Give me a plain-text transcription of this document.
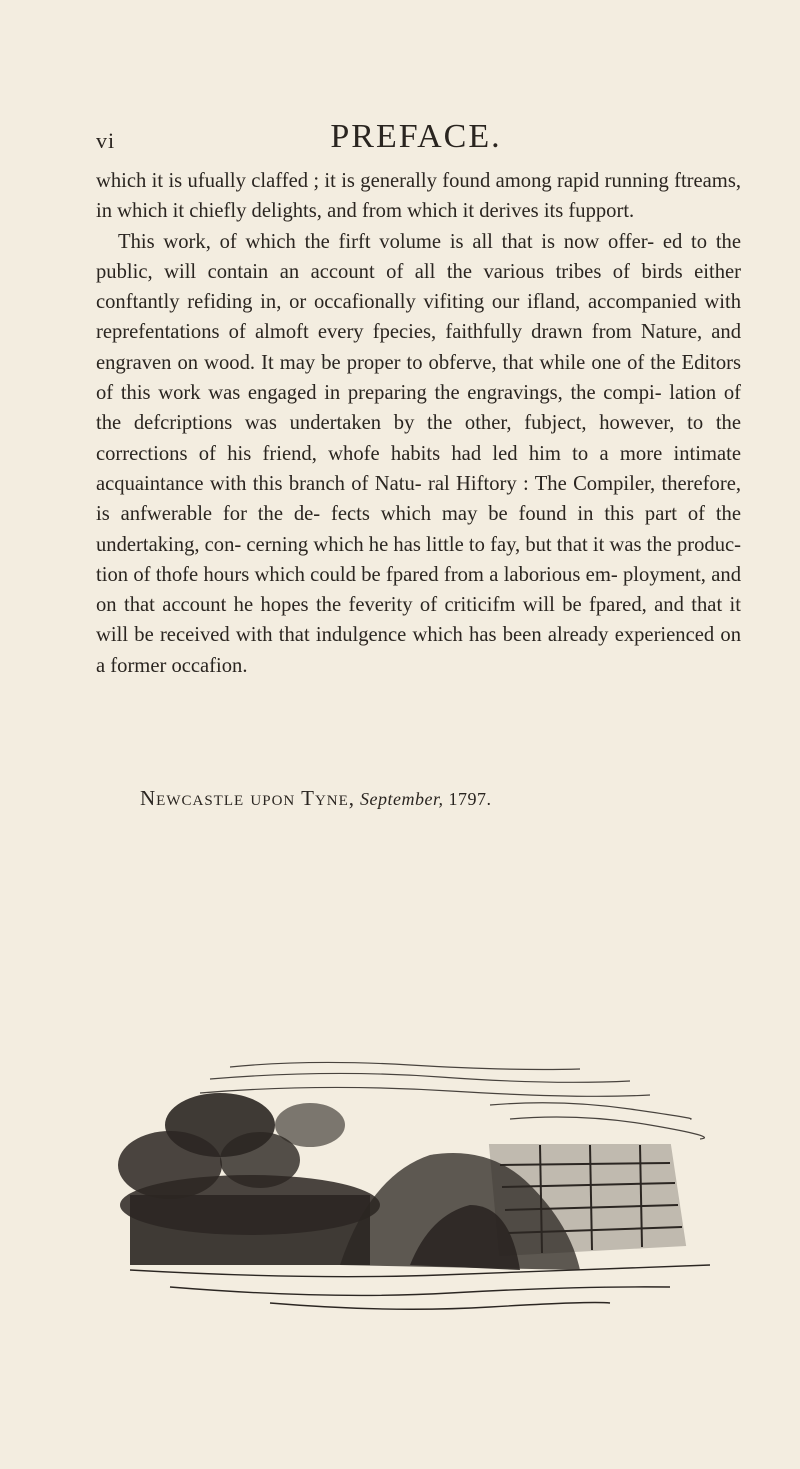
vi	PREFACE.

which it is ufually claffed ; it is generally found among rapid running ftreams, in which it chiefly delights, and from which it derives its fupport.

This work, of which the firft volume is all that is now offer- ed to the public, will contain an account of all the various tribes of birds either conftantly refiding in, or occafionally vifiting our ifland, accompanied with reprefentations of almoft every fpecies, faithfully drawn from Nature, and engraven on wood. It may be proper to obferve, that while one of the Editors of this work was engaged in preparing the engravings, the compi- lation of the defcriptions was undertaken by the other, fubject, however, to the corrections of his friend, whofe habits had led him to a more intimate acquaintance with this branch of Natu- ral Hiftory : The Compiler, therefore, is anfwerable for the de- fects which may be found in this part of the undertaking, con- cerning which he has little to fay, but that it was the produc- tion of thofe hours which could be fpared from a laborious em- ployment, and on that account he hopes the feverity of criticifm will be fpared, and that it will be received with that indulgence which has been already experienced on a former occafion.

Newcastle upon Tyne, September, 1797.
